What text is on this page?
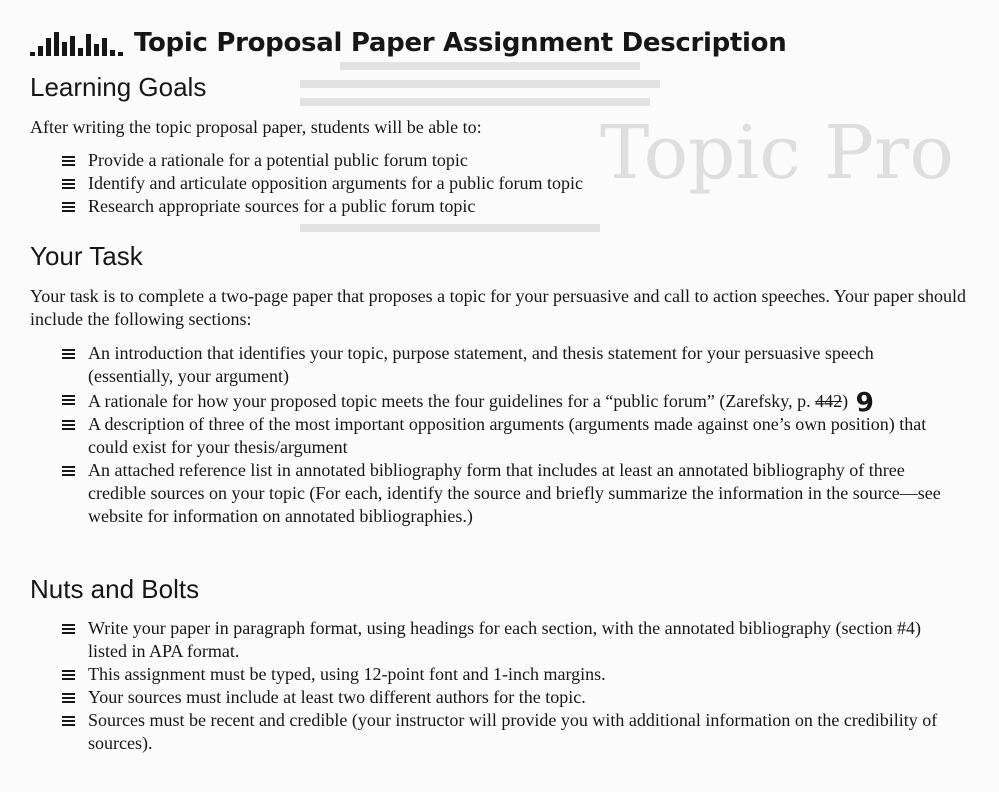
Topic Pro
Topic Proposal Paper Assignment Description
Learning Goals

After writing the topic proposal paper, students will be able to:

Provide a rationale for a potential public forum topic
Identify and articulate opposition arguments for a public forum topic
Research appropriate sources for a public forum topic
Your Task

Your task is to complete a two-page paper that proposes a topic for your persuasive and call to action speeches. Your paper should include the following sections:

An introduction that identifies your topic, purpose statement, and thesis statement for your persuasive speech (essentially, your argument)
A rationale for how your proposed topic meets the four guidelines for a “public forum” (Zarefsky, p. 442) 9
A description of three of the most important opposition arguments (arguments made against one’s own position) that could exist for your thesis/argument
An attached reference list in annotated bibliography form that includes at least an annotated bibliography of three credible sources on your topic (For each, identify the source and briefly summarize the information in the source—see website for information on annotated bibliographies.)
Nuts and Bolts
Write your paper in paragraph format, using headings for each section, with the annotated bibliography (section #4) listed in APA format.
This assignment must be typed, using 12-point font and 1-inch margins.
Your sources must include at least two different authors for the topic.
Sources must be recent and credible (your instructor will provide you with additional information on the credibility of sources).
